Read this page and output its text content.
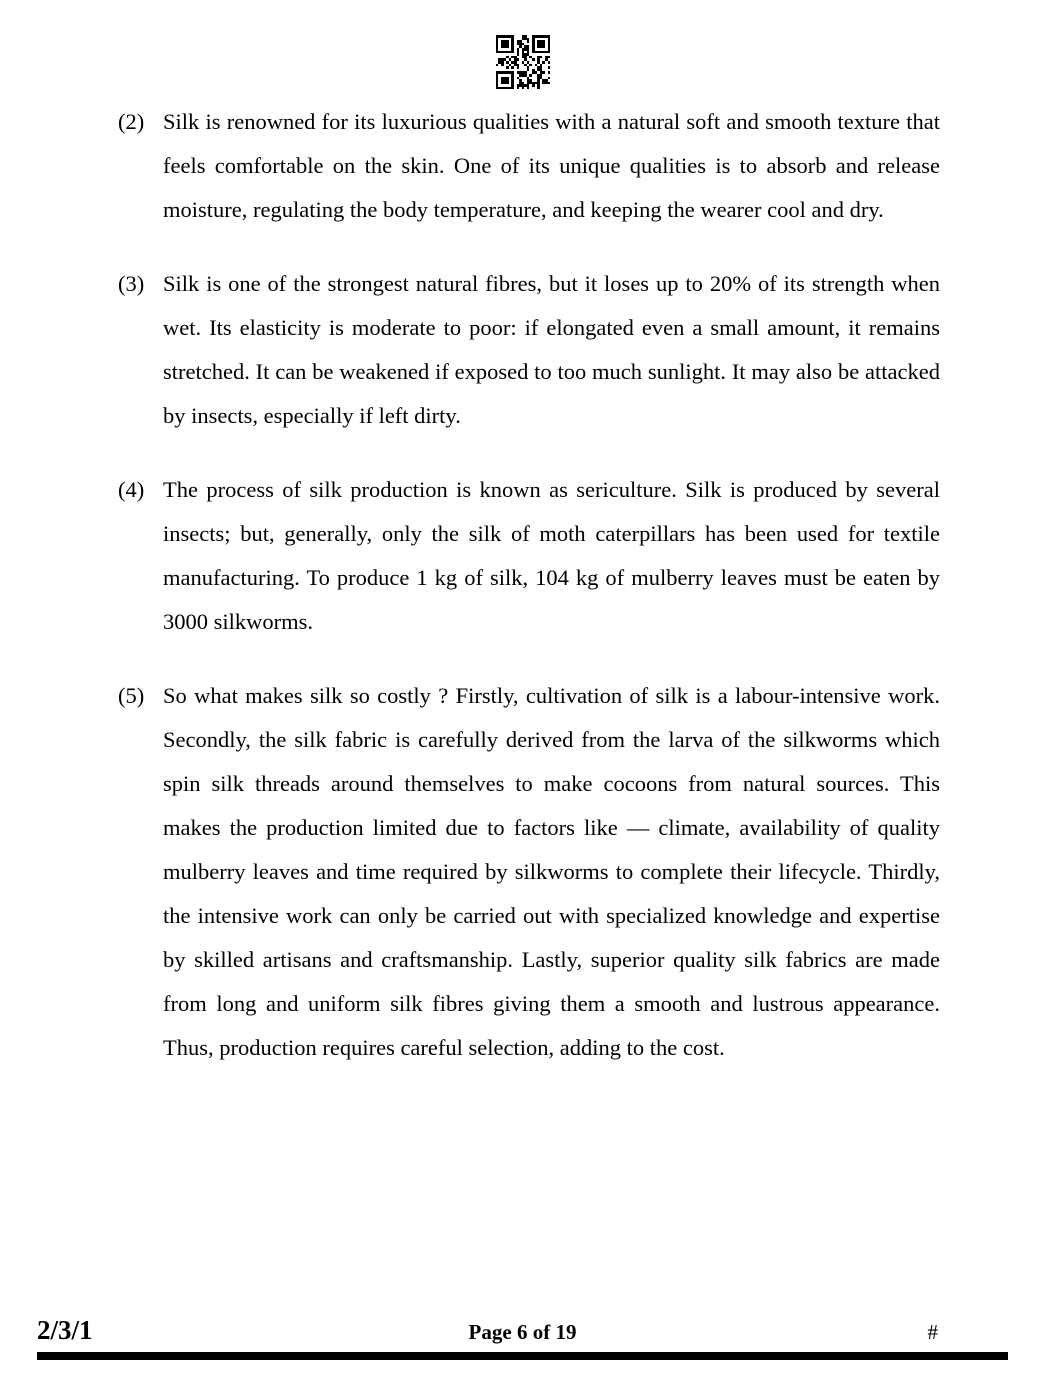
(2) Silk is renowned for its luxurious qualities with a natural soft and smooth texture that feels comfortable on the skin. One of its unique qualities is to absorb and release moisture, regulating the body temperature, and keeping the wearer cool and dry.
(3) Silk is one of the strongest natural fibres, but it loses up to 20% of its strength when wet. Its elasticity is moderate to poor: if elongated even a small amount, it remains stretched. It can be weakened if exposed to too much sunlight. It may also be attacked by insects, especially if left dirty.
(4) The process of silk production is known as sericulture. Silk is produced by several insects; but, generally, only the silk of moth caterpillars has been used for textile manufacturing. To produce 1 kg of silk, 104 kg of mulberry leaves must be eaten by 3000 silkworms.
(5) So what makes silk so costly ? Firstly, cultivation of silk is a labour-intensive work. Secondly, the silk fabric is carefully derived from the larva of the silkworms which spin silk threads around themselves to make cocoons from natural sources. This makes the production limited due to factors like — climate, availability of quality mulberry leaves and time required by silkworms to complete their lifecycle. Thirdly, the intensive work can only be carried out with specialized knowledge and expertise by skilled artisans and craftsmanship. Lastly, superior quality silk fabrics are made from long and uniform silk fibres giving them a smooth and lustrous appearance. Thus, production requires careful selection, adding to the cost.
2/3/1	Page 6 of 19	#
